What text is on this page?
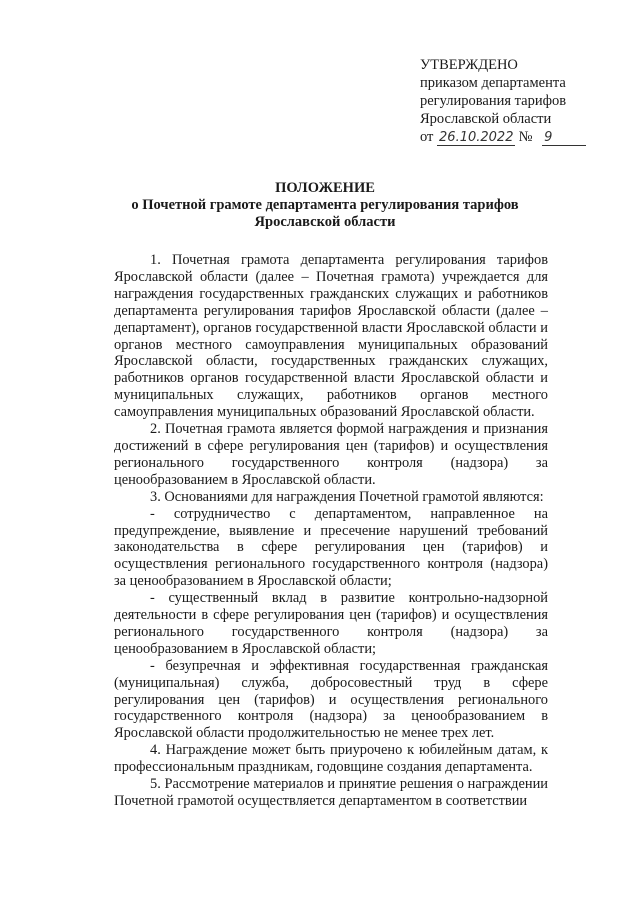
УТВЕРЖДЕНО
приказом департамента
регулирования тарифов
Ярославской области
от 26.10.2022 № 9
ПОЛОЖЕНИЕ
о Почетной грамоте департамента регулирования тарифов
Ярославской области

1. Почетная грамота департамента регулирования тарифов Ярославской области (далее – Почетная грамота) учреждается для награждения государственных гражданских служащих и работников департамента регулирования тарифов Ярославской области (далее – департамент), органов государственной власти Ярославской области и органов местного самоуправления муниципальных образований Ярославской области, государственных гражданских служащих, работников органов государственной власти Ярославской области и муниципальных служащих, работников органов местного самоуправления муниципальных образований Ярославской области.

2. Почетная грамота является формой награждения и признания достижений в сфере регулирования цен (тарифов) и осуществления регионального государственного контроля (надзора) за ценообразованием в Ярославской области.

3. Основаниями для награждения Почетной грамотой являются:

- сотрудничество с департаментом, направленное на предупреждение, выявление и пресечение нарушений требований законодательства в сфере регулирования цен (тарифов) и осуществления регионального государственного контроля (надзора) за ценообразованием в Ярославской области;

- существенный вклад в развитие контрольно-надзорной деятельности в сфере регулирования цен (тарифов) и осуществления регионального государственного контроля (надзора) за ценообразованием в Ярославской области;

- безупречная и эффективная государственная гражданская (муниципальная) служба, добросовестный труд в сфере регулирования цен (тарифов) и осуществления регионального государственного контроля (надзора) за ценообразованием в Ярославской области продолжительностью не менее трех лет.

4. Награждение может быть приурочено к юбилейным датам, к профессиональным праздникам, годовщине создания департамента.

5. Рассмотрение материалов и принятие решения о награждении Почетной грамотой осуществляется департаментом в соответствии
